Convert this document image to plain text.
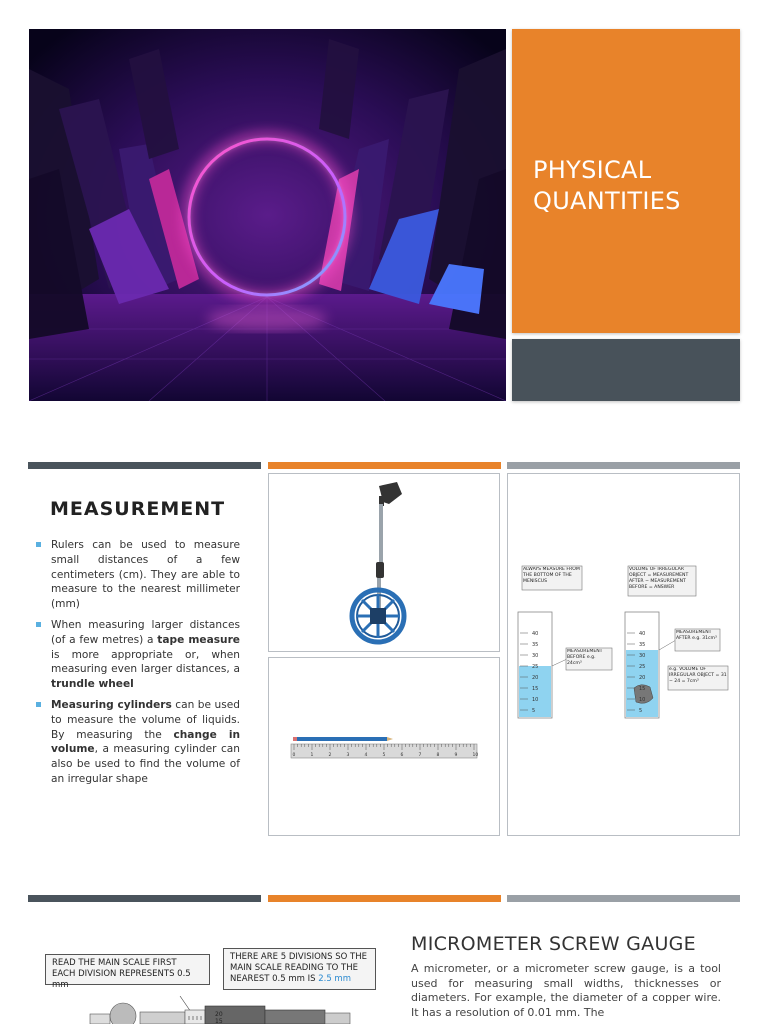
PHYSICAL
QUANTITIES
MEASUREMENT
Rulers can be used to measure small distances of a few centimeters (cm). They are able to measure to the nearest millimeter (mm)
When measuring larger distances (of a few metres) a tape measure is more appropriate or, when measuring even larger distances, a trundle wheel
Measuring cylinders can be used to measure the volume of liquids. By measuring the change in volume, a measuring cylinder can also be used to find the volume of an irregular shape
0	1	2	3	4	5	6	7	8	9	10
ALWAYS MEASURE FROM THE BOTTOM OF THE MENISCUS
VOLUME OF IRREGULAR OBJECT = MEASUREMENT AFTER − MEASUREMENT BEFORE = ANSWER
40
35
30
25
20
15
10
5
40
35
30
25
20
15
10
5
MEASUREMENT BEFORE e.g. 24cm³
MEASUREMENT AFTER e.g. 31cm³
e.g. VOLUME OF IRREGULAR OBJECT = 31 − 24 = 7cm³
READ THE MAIN SCALE FIRST
EACH DIVISION REPRESENTS 0.5 mm
THERE ARE 5 DIVISIONS SO THE
MAIN SCALE READING TO THE
NEAREST 0.5 mm IS 2.5 mm
20
15
MICROMETER SCREW GAUGE
A micrometer, or a micrometer screw gauge, is a tool used for measuring small widths, thicknesses or diameters. For example, the diameter of a copper wire. It has a resolution of 0.01 mm. The
